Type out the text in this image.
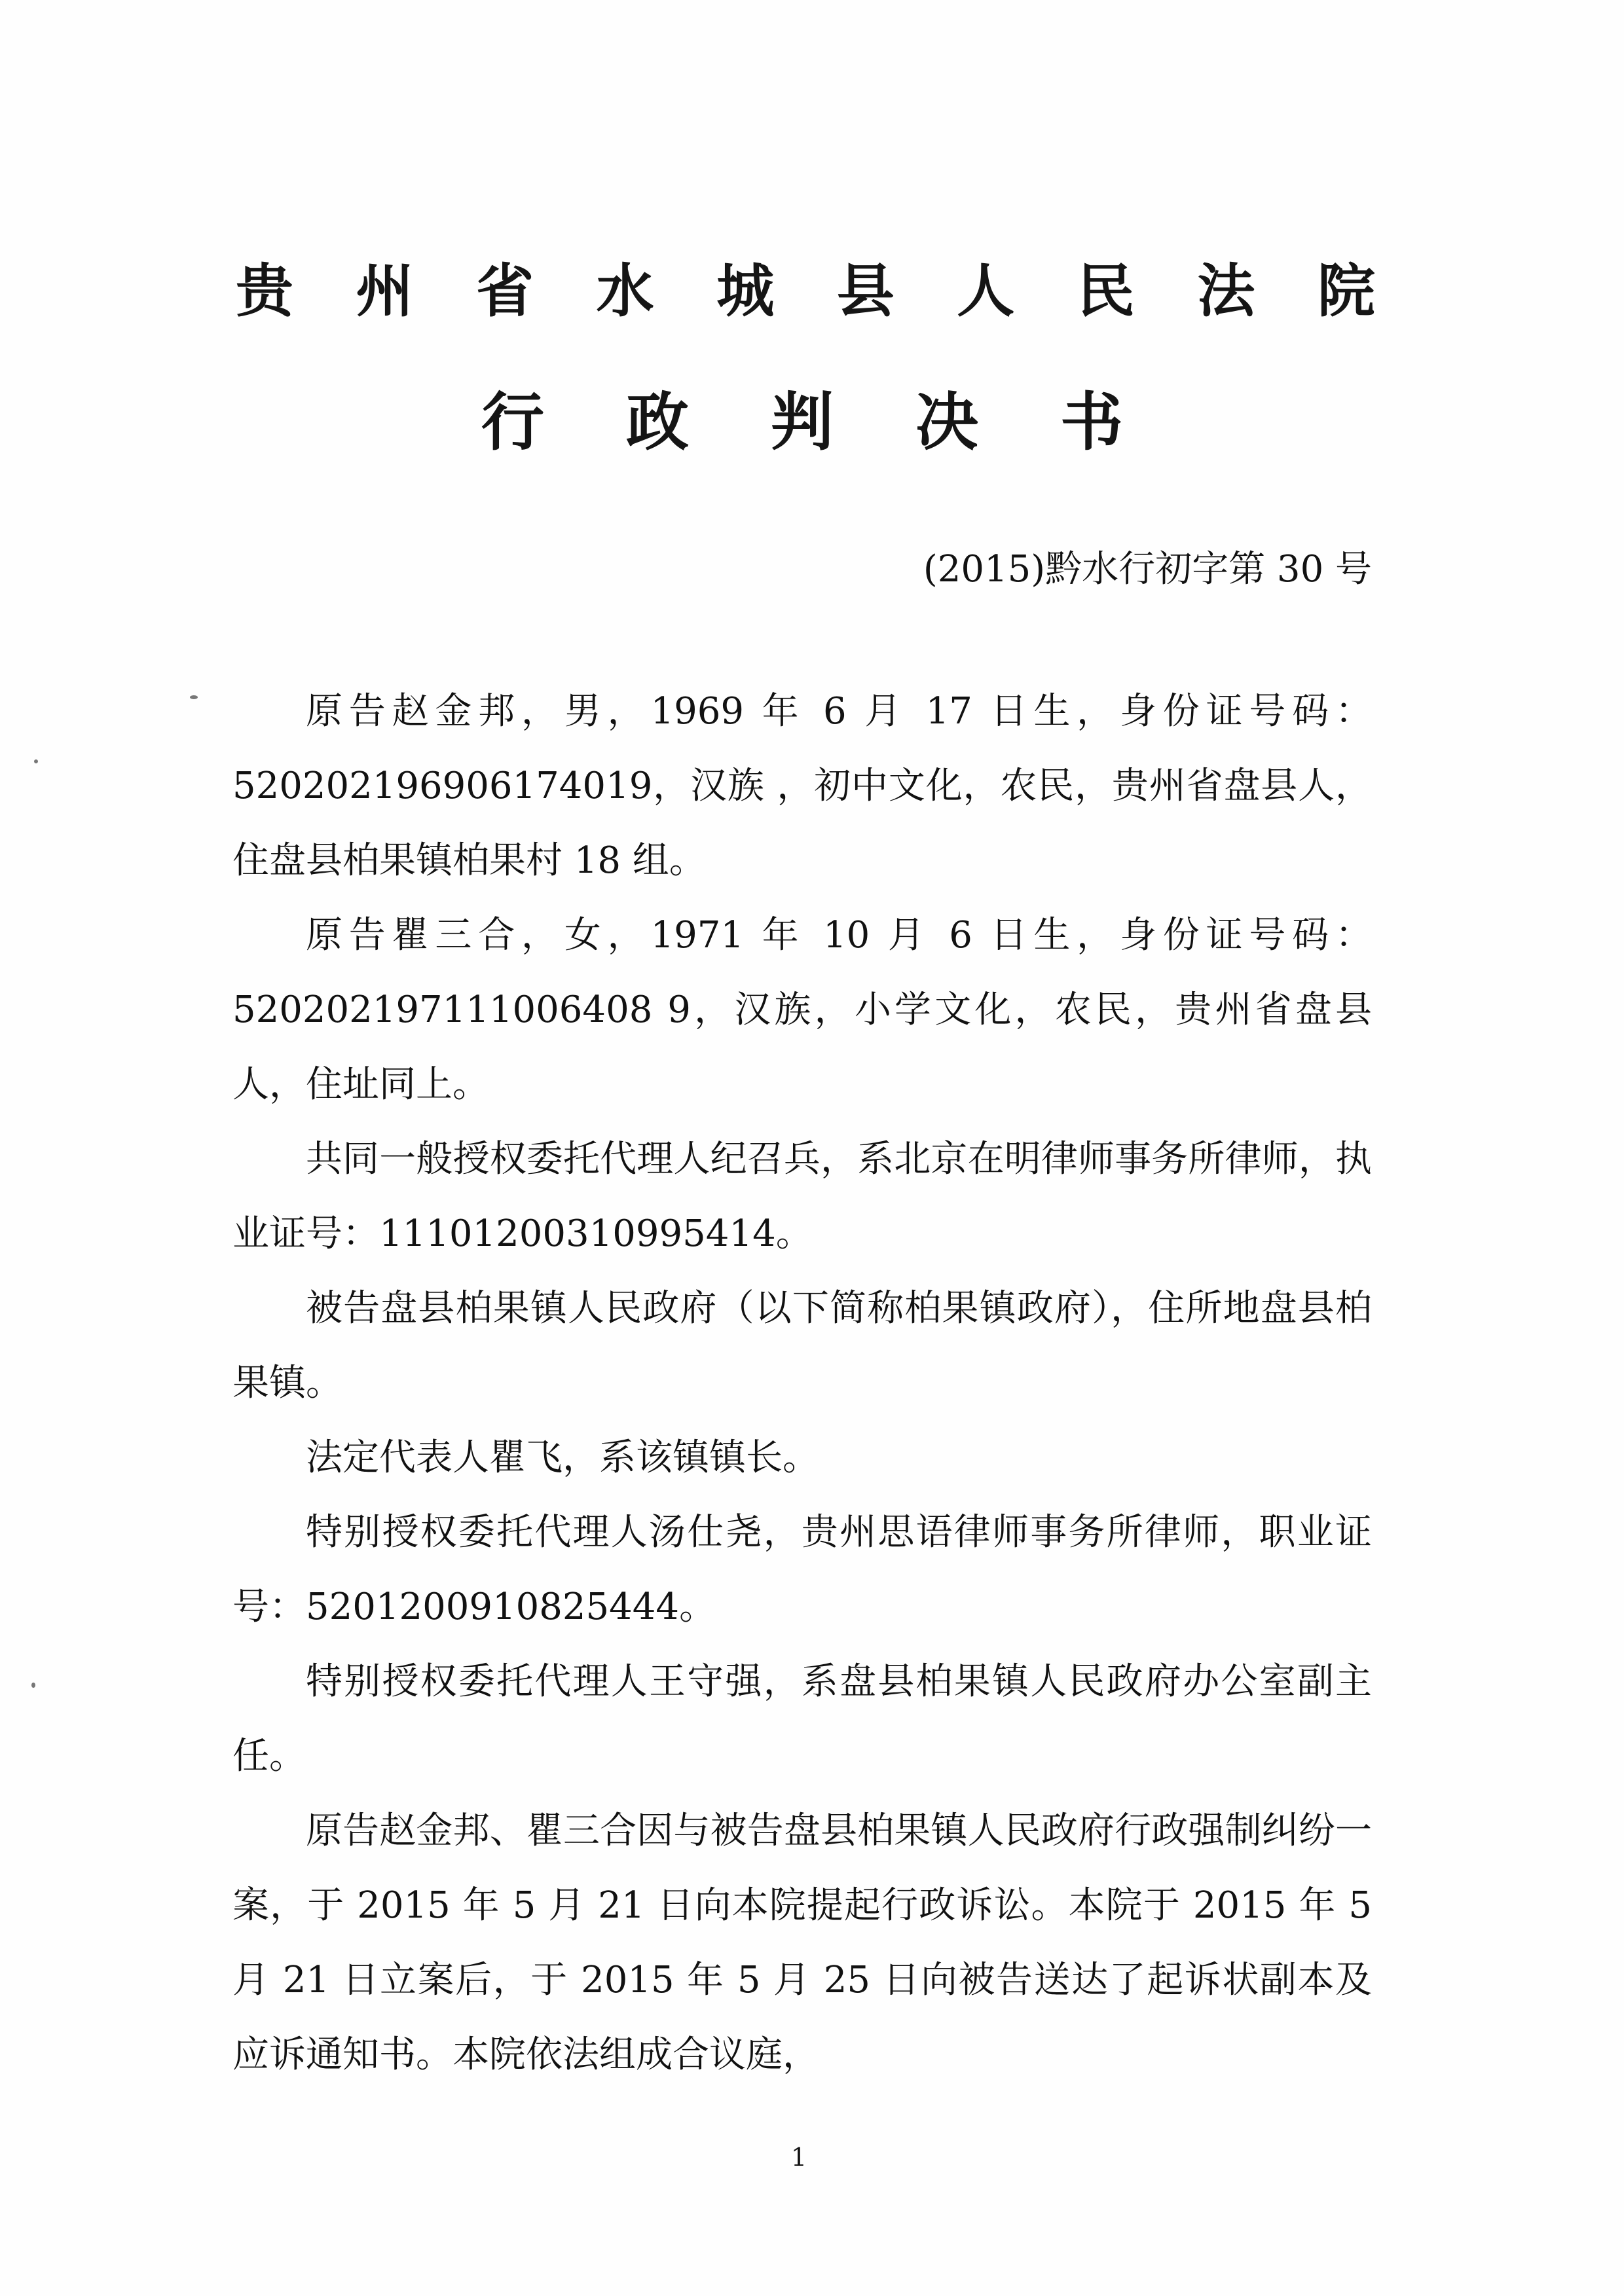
贵 州 省 水 城 县 人 民 法 院
行 政 判 决 书
(2015)黔水行初字第 30 号

原告赵金邦，男，1969 年 6 月 17 日生，身份证号码：520202196906174019，汉族 ，初中文化，农民，贵州省盘县人，住盘县柏果镇柏果村 18 组。

原告瞿三合，女，1971 年 10 月 6 日生，身份证号码：520202197111006408 9，汉族，小学文化，农民，贵州省盘县人，住址同上。

共同一般授权委托代理人纪召兵，系北京在明律师事务所律师，执业证号：11101200310995414。

被告盘县柏果镇人民政府（以下简称柏果镇政府），住所地盘县柏果镇。

法定代表人瞿飞，系该镇镇长。

特别授权委托代理人汤仕尧，贵州思语律师事务所律师，职业证号：5201200910825444。

特别授权委托代理人王守强，系盘县柏果镇人民政府办公室副主任。

原告赵金邦、瞿三合因与被告盘县柏果镇人民政府行政强制纠纷一案，于 2015 年 5 月 21 日向本院提起行政诉讼。本院于 2015 年 5 月 21 日立案后，于 2015 年 5 月 25 日向被告送达了起诉状副本及应诉通知书。本院依法组成合议庭，

1
